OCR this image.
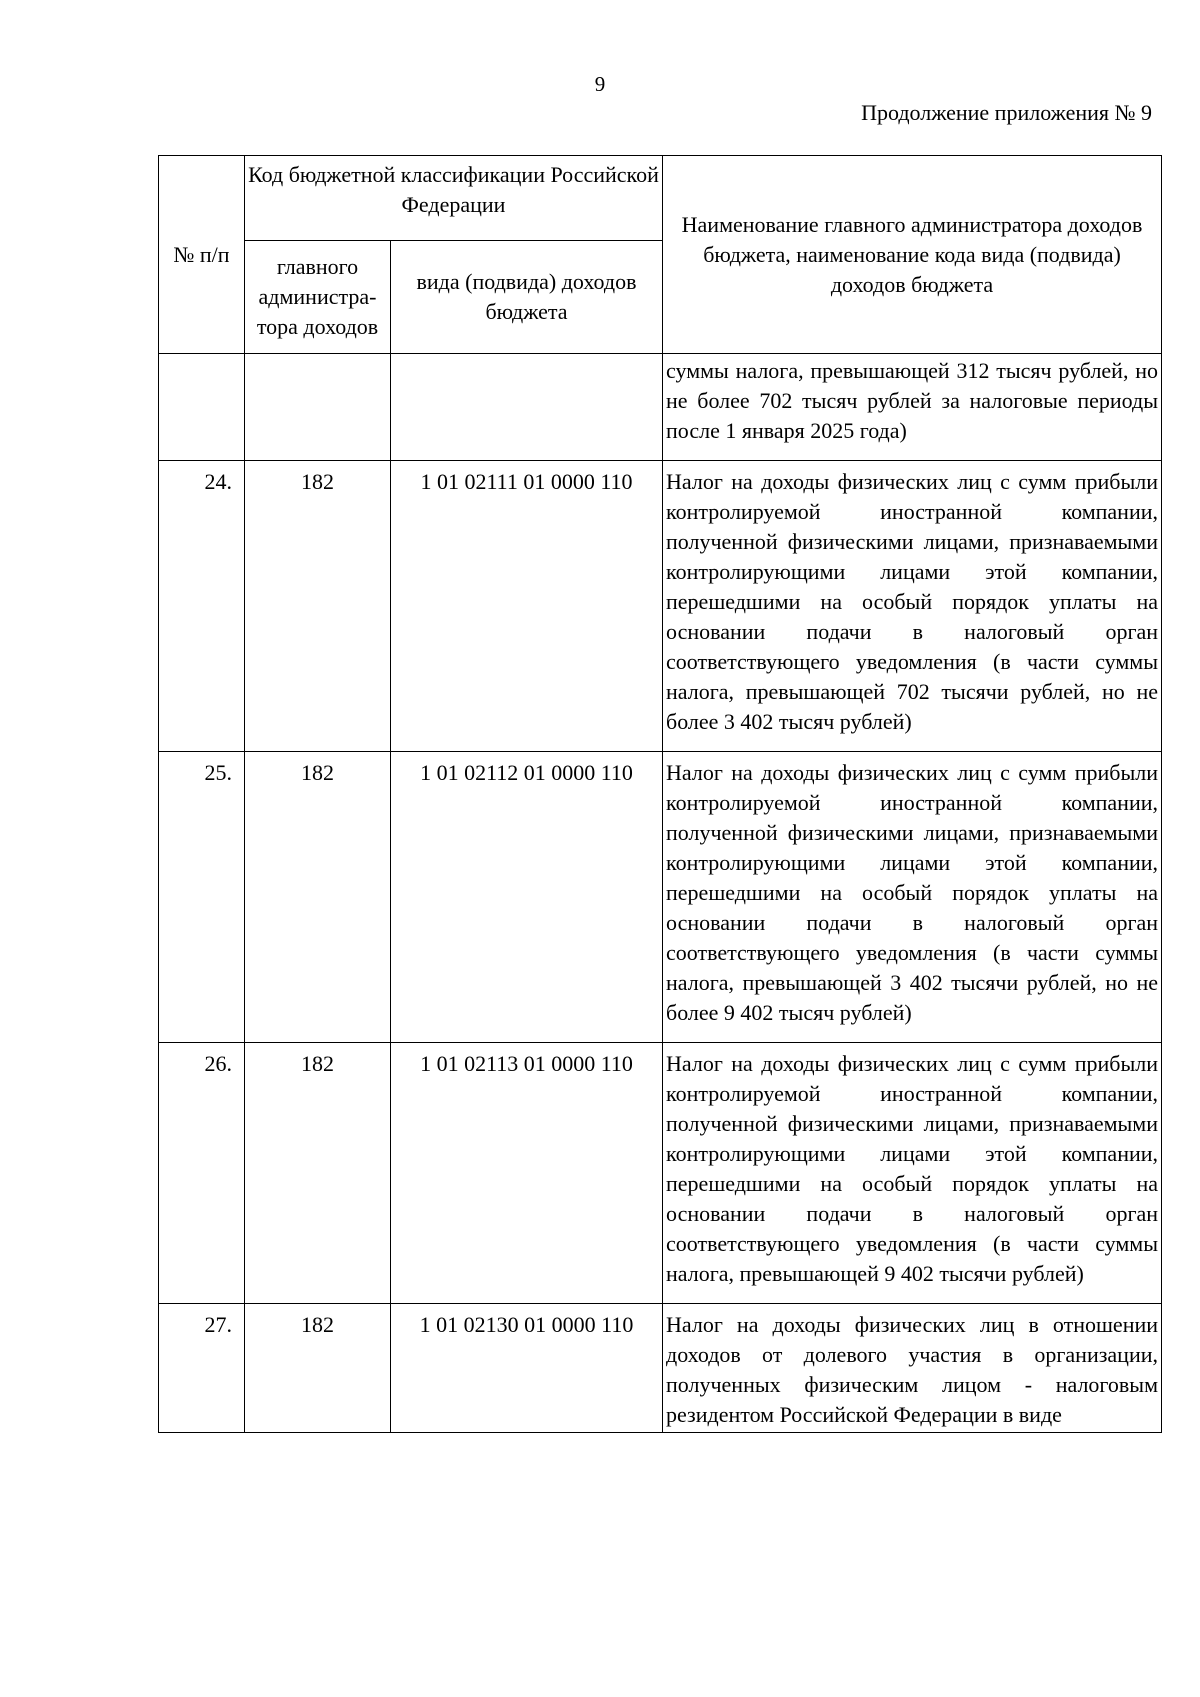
9
Продолжение приложения № 9
№ п/п	Код бюджетной классификации Российской Федерации		Наименование главного администратора доходов бюджета, наименование кода вида (подвида) доходов бюджета
	главного администра-тора доходов	вида (подвида) доходов бюджета	
			суммы налога, превышающей 312 тысяч рублей, но не более 702 тысяч рублей за налоговые периоды после 1 января 2025 года)
24.	182	1 01 02111 01 0000 110	Налог на доходы физических лиц с сумм прибыли контролируемой иностранной компании, полученной физическими лицами, признаваемыми контролирующими лицами этой компании, перешедшими на особый порядок уплаты на основании подачи в налоговый орган соответствующего уведомления (в части суммы налога, превышающей 702 тысячи рублей, но не более 3 402 тысяч рублей)
25.	182	1 01 02112 01 0000 110	Налог на доходы физических лиц с сумм прибыли контролируемой иностранной компании, полученной физическими лицами, признаваемыми контролирующими лицами этой компании, перешедшими на особый порядок уплаты на основании подачи в налоговый орган соответствующего уведомления (в части суммы налога, превышающей 3 402 тысячи рублей, но не более 9 402 тысяч рублей)
26.	182	1 01 02113 01 0000 110	Налог на доходы физических лиц с сумм прибыли контролируемой иностранной компании, полученной физическими лицами, признаваемыми контролирующими лицами этой компании, перешедшими на особый порядок уплаты на основании подачи в налоговый орган соответствующего уведомления (в части суммы налога, превышающей 9 402 тысячи рублей)
27.	182	1 01 02130 01 0000 110	Налог на доходы физических лиц в отношении доходов от долевого участия в организации, полученных физическим лицом - налоговым резидентом Российской Федерации в виде
